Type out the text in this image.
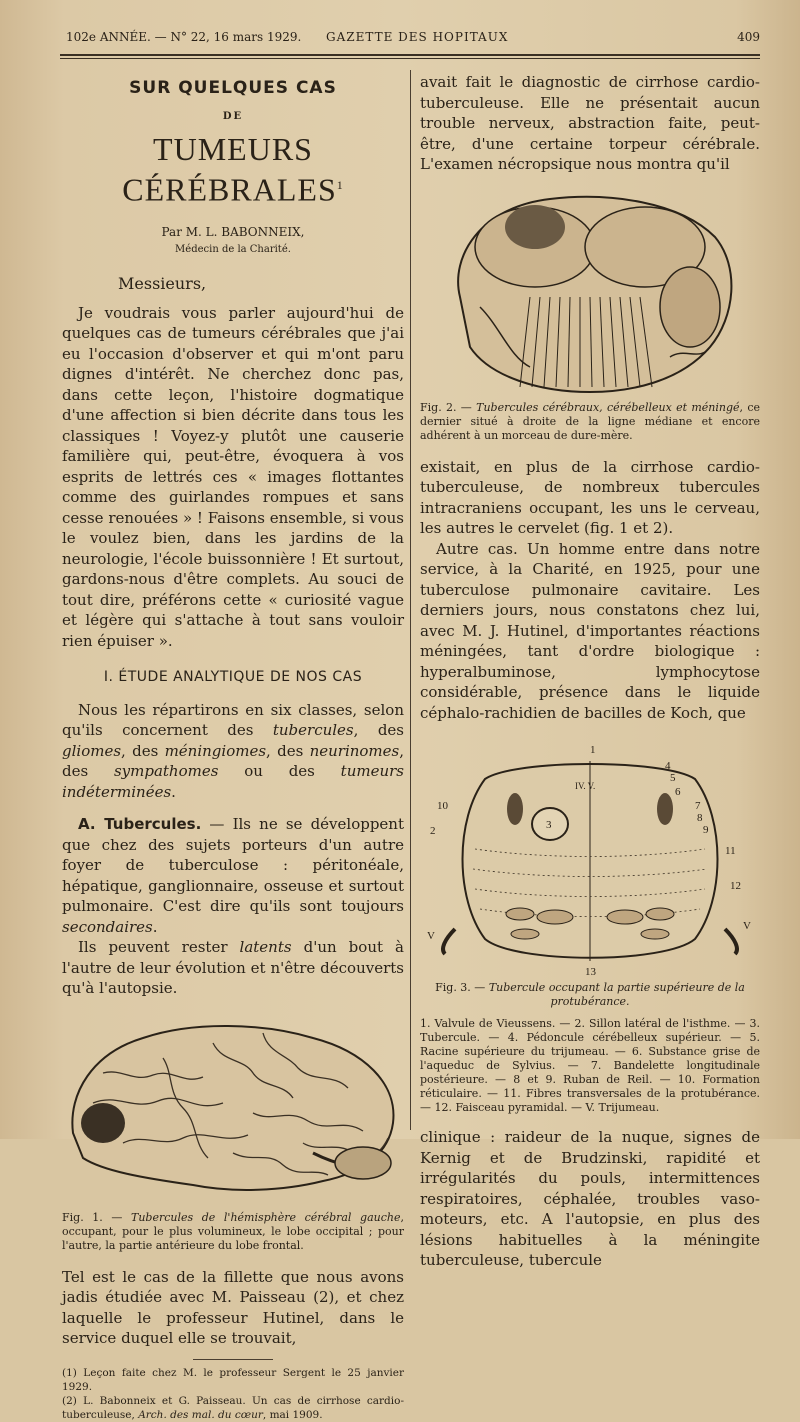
102e ANNÉE. — N° 22, 16 mars 1929. GAZETTE DES HOPITAUX	409
SUR QUELQUES CAS
DE
TUMEURS CÉRÉBRALES$^1$
Par M. L. BABONNEIX,
Médecin de la Charité.
Messieurs,

Je voudrais vous parler aujourd'hui de quelques cas de tumeurs cérébrales que j'ai eu l'occasion d'observer et qui m'ont paru dignes d'intérêt. Ne cherchez donc pas, dans cette leçon, l'histoire dogmatique d'une affection si bien décrite dans tous les classiques ! Voyez-y plutôt une causerie familière qui, peut-être, évoquera à vos esprits de lettrés ces « images flottantes comme des guirlandes rompues et sans cesse renouées » ! Faisons ensemble, si vous le voulez bien, dans les jardins de la neurologie, l'école buissonnière ! Et surtout, gardons-nous d'être complets. Au souci de tout dire, préférons cette « curiosité vague et légère qui s'attache à tout sans vouloir rien épuiser ».

I. ÉTUDE ANALYTIQUE DE NOS CAS

Nous les répartirons en six classes, selon qu'ils concernent des tubercules, des gliomes, des méningiomes, des neurinomes, des sympathomes ou des tumeurs indéterminées.

A. Tubercules. — Ils ne se développent que chez des sujets porteurs d'un autre foyer de tuberculose : péritonéale, hépatique, ganglionnaire, osseuse et surtout pulmonaire. C'est dire qu'ils sont toujours secondaires.

Ils peuvent rester latents d'un bout à l'autre de leur évolution et n'être découverts qu'à l'autopsie.

Fig. 1. — Tubercules de l'hémisphère cérébral gauche, occupant, pour le plus volumineux, le lobe occipital ; pour l'autre, la partie antérieure du lobe frontal.

Tel est le cas de la fillette que nous avons jadis étudiée avec M. Paisseau (2), et chez laquelle le professeur Hutinel, dans le service duquel elle se trouvait,

(1) Leçon faite chez M. le professeur Sergent le 25 janvier 1929.

(2) L. Babonneix et G. Paisseau. Un cas de cirrhose cardio-tuberculeuse, Arch. des mal. du cœur, mai 1909.

avait fait le diagnostic de cirrhose cardio-tuberculeuse. Elle ne présentait aucun trouble nerveux, abstraction faite, peut-être, d'une certaine torpeur cérébrale. L'examen nécropsique nous montra qu'il

Fig. 2. — Tubercules cérébraux, cérébelleux et méningé, ce dernier situé à droite de la ligne médiane et encore adhérent à un morceau de dure-mère.

existait, en plus de la cirrhose cardio-tuberculeuse, de nombreux tubercules intracraniens occupant, les uns le cerveau, les autres le cervelet (fig. 1 et 2).

Autre cas. Un homme entre dans notre service, à la Charité, en 1925, pour une tuberculose pulmonaire cavitaire. Les derniers jours, nous constatons chez lui, avec M. J. Hutinel, d'importantes réactions méningées, tant d'ordre biologique : hyperalbuminose, lymphocytose considérable, présence dans le liquide céphalo-rachidien de bacilles de Koch, que

1
2	3
4
5
6
7
8
9
10
11
12
13
V
V
IV. V.

Fig. 3. — Tubercule occupant la partie supérieure de la protubérance.

1. Valvule de Vieussens. — 2. Sillon latéral de l'isthme. — 3. Tubercule. — 4. Pédoncule cérébelleux supérieur. — 5. Racine supérieure du trijumeau. — 6. Substance grise de l'aqueduc de Sylvius. — 7. Bandelette longitudinale postérieure. — 8 et 9. Ruban de Reil. — 10. Formation réticulaire. — 11. Fibres transversales de la protubérance. — 12. Faisceau pyramidal. — V. Trijumeau.

clinique : raideur de la nuque, signes de Kernig et de Brudzinski, rapidité et irrégularités du pouls, intermittences respiratoires, céphalée, troubles vaso-moteurs, etc. A l'autopsie, en plus des lésions habituelles à la méningite tuberculeuse, tubercule
